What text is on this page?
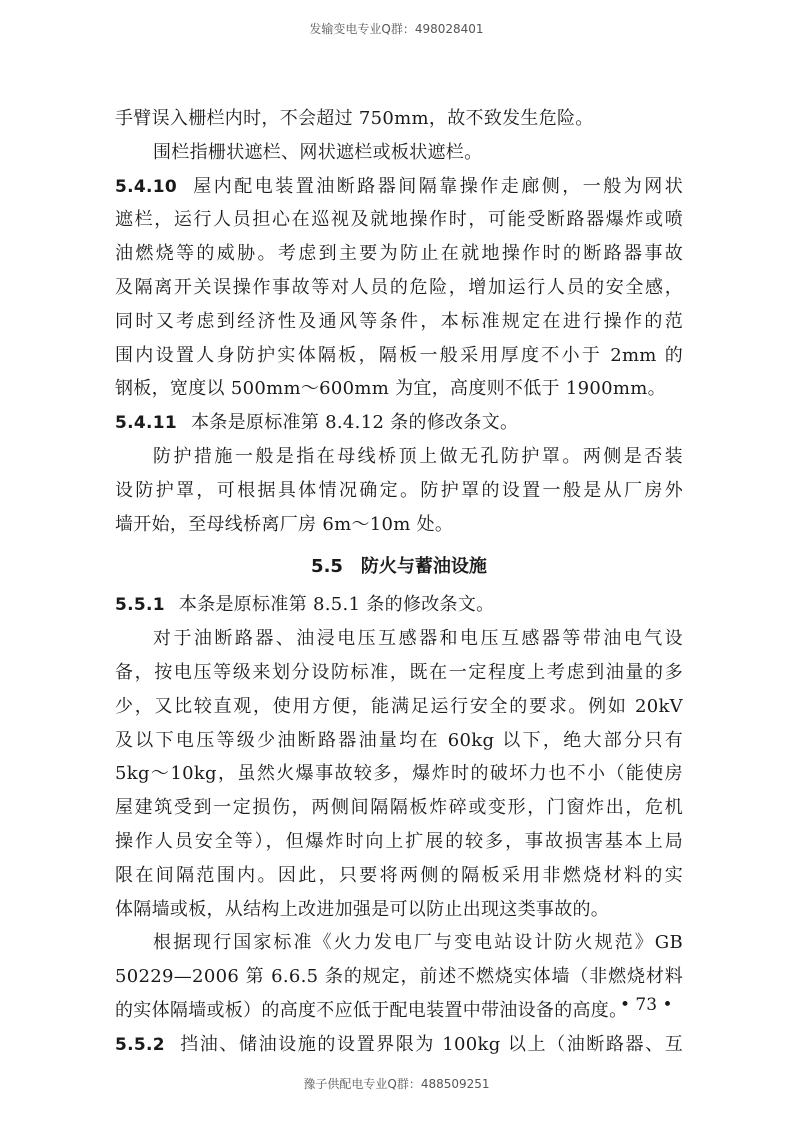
发输变电专业Q群：498028401
手臂误入栅栏内时，不会超过 750mm，故不致发生危险。
围栏指栅状遮栏、网状遮栏或板状遮栏。
5.4.10 屋内配电装置油断路器间隔靠操作走廊侧，一般为网状
遮栏，运行人员担心在巡视及就地操作时，可能受断路器爆炸或喷
油燃烧等的威胁。考虑到主要为防止在就地操作时的断路器事故
及隔离开关误操作事故等对人员的危险，增加运行人员的安全感，
同时又考虑到经济性及通风等条件，本标准规定在进行操作的范
围内设置人身防护实体隔板，隔板一般采用厚度不小于 2mm 的
钢板，宽度以 500mm～600mm 为宜，高度则不低于 1900mm。
5.4.11 本条是原标准第 8.4.12 条的修改条文。
防护措施一般是指在母线桥顶上做无孔防护罩。两侧是否装
设防护罩，可根据具体情况确定。防护罩的设置一般是从厂房外
墙开始，至母线桥离厂房 6m～10m 处。
5.5　防火与蓄油设施
5.5.1 本条是原标准第 8.5.1 条的修改条文。
对于油断路器、油浸电压互感器和电压互感器等带油电气设
备，按电压等级来划分设防标准，既在一定程度上考虑到油量的多
少，又比较直观，使用方便，能满足运行安全的要求。例如 20kV
及以下电压等级少油断路器油量均在 60kg 以下，绝大部分只有
5kg～10kg，虽然火爆事故较多，爆炸时的破坏力也不小（能使房
屋建筑受到一定损伤，两侧间隔隔板炸碎或变形，门窗炸出，危机
操作人员安全等），但爆炸时向上扩展的较多，事故损害基本上局
限在间隔范围内。因此，只要将两侧的隔板采用非燃烧材料的实
体隔墙或板，从结构上改进加强是可以防止出现这类事故的。
根据现行国家标准《火力发电厂与变电站设计防火规范》GB
50229—2006 第 6.6.5 条的规定，前述不燃烧实体墙（非燃烧材料
的实体隔墙或板）的高度不应低于配电装置中带油设备的高度。
5.5.2 挡油、储油设施的设置界限为 100kg 以上（油断路器、互
• 73 •
豫子供配电专业Q群：488509251
